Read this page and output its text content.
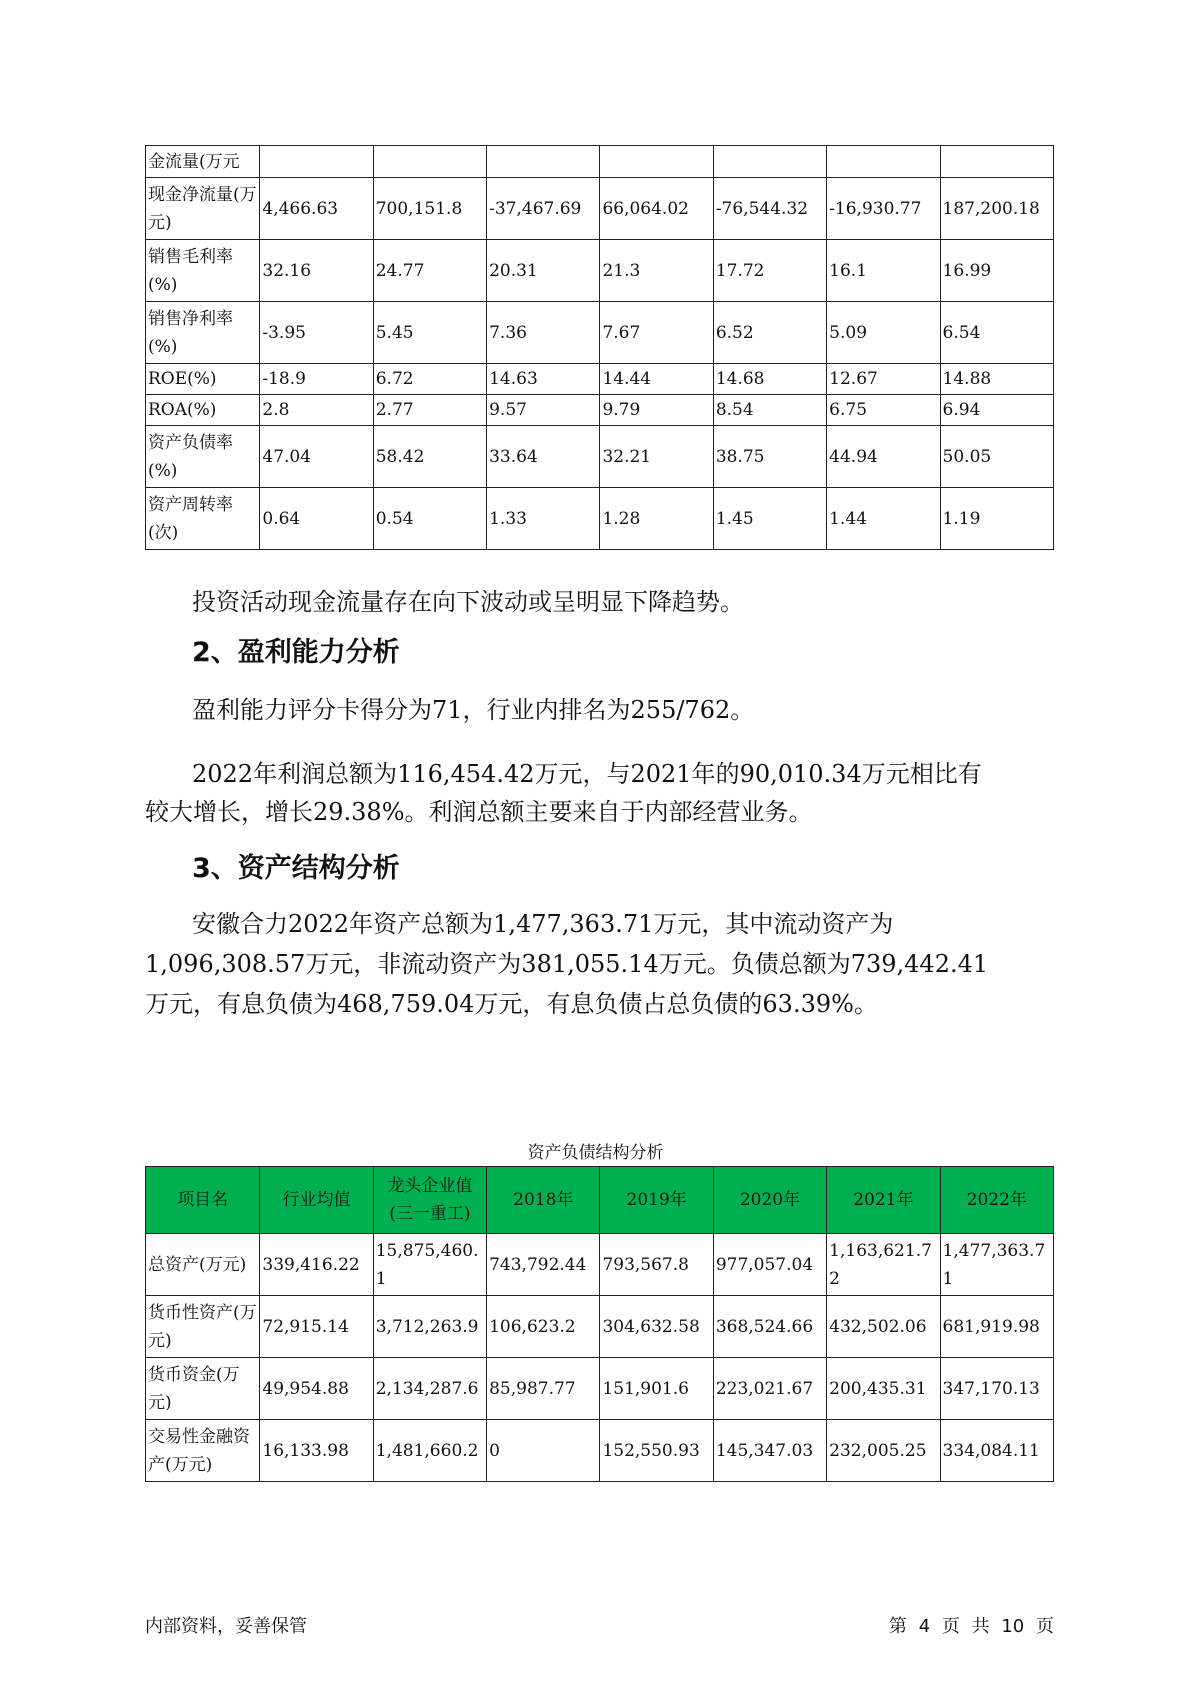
金流量(万元							
现金净流量(万元)	4,466.63	700,151.8	-37,467.69	66,064.02	-76,544.32	-16,930.77	187,200.18
销售毛利率(%)	32.16	24.77	20.31	21.3	17.72	16.1	16.99
销售净利率(%)	-3.95	5.45	7.36	7.67	6.52	5.09	6.54
ROE(%)	-18.9	6.72	14.63	14.44	14.68	12.67	14.88
ROA(%)	2.8	2.77	9.57	9.79	8.54	6.75	6.94
资产负债率(%)	47.04	58.42	33.64	32.21	38.75	44.94	50.05
资产周转率(次)	0.64	0.54	1.33	1.28	1.45	1.44	1.19
投资活动现金流量存在向下波动或呈明显下降趋势。
2、盈利能力分析
盈利能力评分卡得分为71，行业内排名为255/762。
2022年利润总额为116,454.42万元，与2021年的90,010.34万元相比有
较大增长，增长29.38%。利润总额主要来自于内部经营业务。
3、资产结构分析
安徽合力2022年资产总额为1,477,363.71万元，其中流动资产为
1,096,308.57万元，非流动资产为381,055.14万元。负债总额为739,442.41
万元，有息负债为468,759.04万元，有息负债占总负债的63.39%。
资产负债结构分析
项目名	行业均值	龙头企业值(三一重工)	2018年	2019年	2020年	2021年	2022年
总资产(万元)	339,416.22	15,875,460.1	743,792.44	793,567.8	977,057.04	1,163,621.72	1,477,363.71
货币性资产(万元)	72,915.14	3,712,263.9	106,623.2	304,632.58	368,524.66	432,502.06	681,919.98
货币资金(万元)	49,954.88	2,134,287.6	85,987.77	151,901.6	223,021.67	200,435.31	347,170.13
交易性金融资产(万元)	16,133.98	1,481,660.2	0	152,550.93	145,347.03	232,005.25	334,084.11
内部资料，妥善保管	第 4 页 共 10 页
